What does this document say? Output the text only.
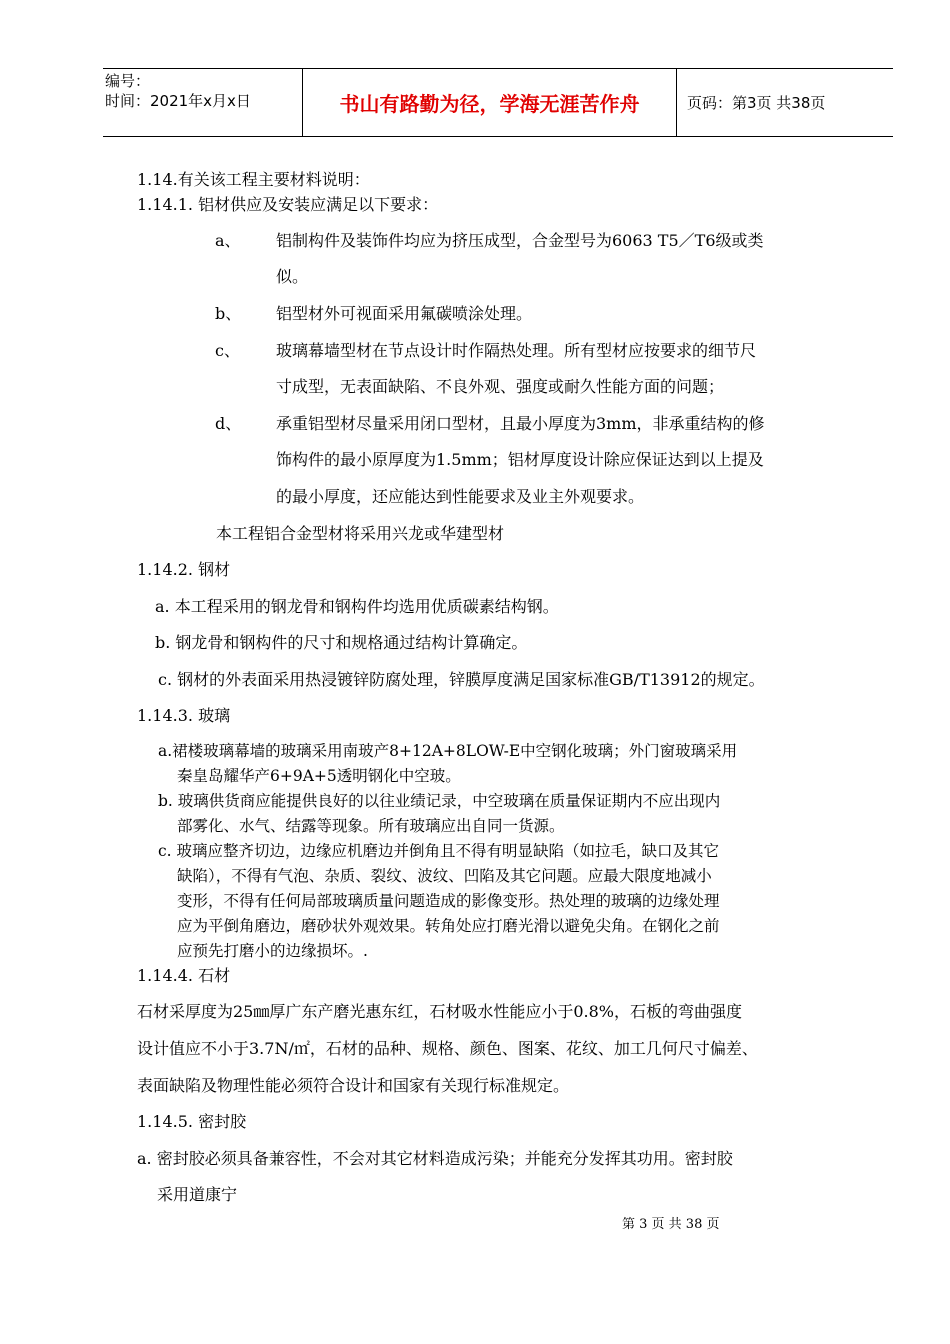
编号：
时间：2021年x月x日	书山有路勤为径，学海无涯苦作舟	页码：第3页 共38页
1.14.有关该工程主要材料说明：
1.14.1. 铝材供应及安装应满足以下要求：
a、 铝制构件及装饰件均应为挤压成型，合金型号为6063 T5／T6级或类
似。
b、 铝型材外可视面采用氟碳喷涂处理。
c、 玻璃幕墙型材在节点设计时作隔热处理。所有型材应按要求的细节尺
寸成型，无表面缺陷、不良外观、强度或耐久性能方面的问题；
d、 承重铝型材尽量采用闭口型材，且最小厚度为3mm，非承重结构的修
饰构件的最小原厚度为1.5mm；铝材厚度设计除应保证达到以上提及
的最小厚度，还应能达到性能要求及业主外观要求。
本工程铝合金型材将采用兴龙或华建型材
1.14.2. 钢材
a. 本工程采用的钢龙骨和钢构件均选用优质碳素结构钢。
b. 钢龙骨和钢构件的尺寸和规格通过结构计算确定。
c. 钢材的外表面采用热浸镀锌防腐处理，锌膜厚度满足国家标准GB/T13912的规定。
1.14.3. 玻璃
a.裙楼玻璃幕墙的玻璃采用南玻产8+12A+8LOW-E中空钢化玻璃；外门窗玻璃采用
秦皇岛耀华产6+9A+5透明钢化中空玻。
b. 玻璃供货商应能提供良好的以往业绩记录，中空玻璃在质量保证期内不应出现内
部雾化、水气、结露等现象。所有玻璃应出自同一货源。
c. 玻璃应整齐切边，边缘应机磨边并倒角且不得有明显缺陷（如拉毛，缺口及其它
缺陷），不得有气泡、杂质、裂纹、波纹、凹陷及其它问题。应最大限度地减小
变形，不得有任何局部玻璃质量问题造成的影像变形。热处理的玻璃的边缘处理
应为平倒角磨边，磨砂状外观效果。转角处应打磨光滑以避免尖角。在钢化之前
应预先打磨小的边缘损坏。.
1.14.4. 石材
石材采厚度为25㎜厚广东产磨光惠东红，石材吸水性能应小于0.8%，石板的弯曲强度
设计值应不小于3.7N/㎡，石材的品种、规格、颜色、图案、花纹、加工几何尺寸偏差、
表面缺陷及物理性能必须符合设计和国家有关现行标准规定。
1.14.5. 密封胶
a. 密封胶必须具备兼容性，不会对其它材料造成污染；并能充分发挥其功用。密封胶
采用道康宁
第 3 页 共 38 页
